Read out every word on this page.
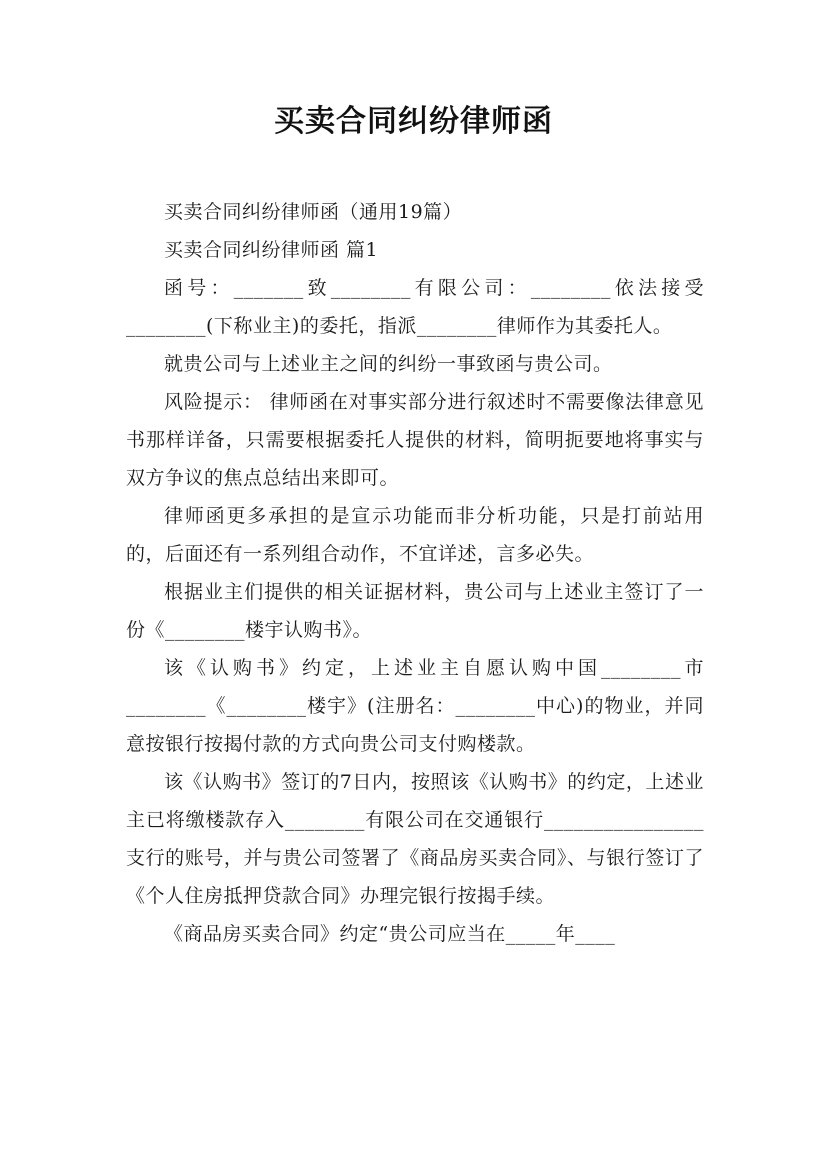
买卖合同纠纷律师函

买卖合同纠纷律师函（通用19篇）

买卖合同纠纷律师函 篇1

函号：_______致________有限公司：________依法接受________(下称业主)的委托，指派________律师作为其委托人。

就贵公司与上述业主之间的纠纷一事致函与贵公司。

风险提示： 律师函在对事实部分进行叙述时不需要像法律意见书那样详备，只需要根据委托人提供的材料，简明扼要地将事实与双方争议的焦点总结出来即可。

律师函更多承担的是宣示功能而非分析功能，只是打前站用的，后面还有一系列组合动作，不宜详述，言多必失。

根据业主们提供的相关证据材料，贵公司与上述业主签订了一份《________楼宇认购书》。

该《认购书》约定，上述业主自愿认购中国________市________《________楼宇》(注册名：________中心)的物业，并同意按银行按揭付款的方式向贵公司支付购楼款。

该《认购书》签订的7日内，按照该《认购书》的约定，上述业主已将缴楼款存入________有限公司在交通银行________________支行的账号，并与贵公司签署了《商品房买卖合同》、与银行签订了《个人住房抵押贷款合同》办理完银行按揭手续。

《商品房买卖合同》约定“贵公司应当在_____年____
